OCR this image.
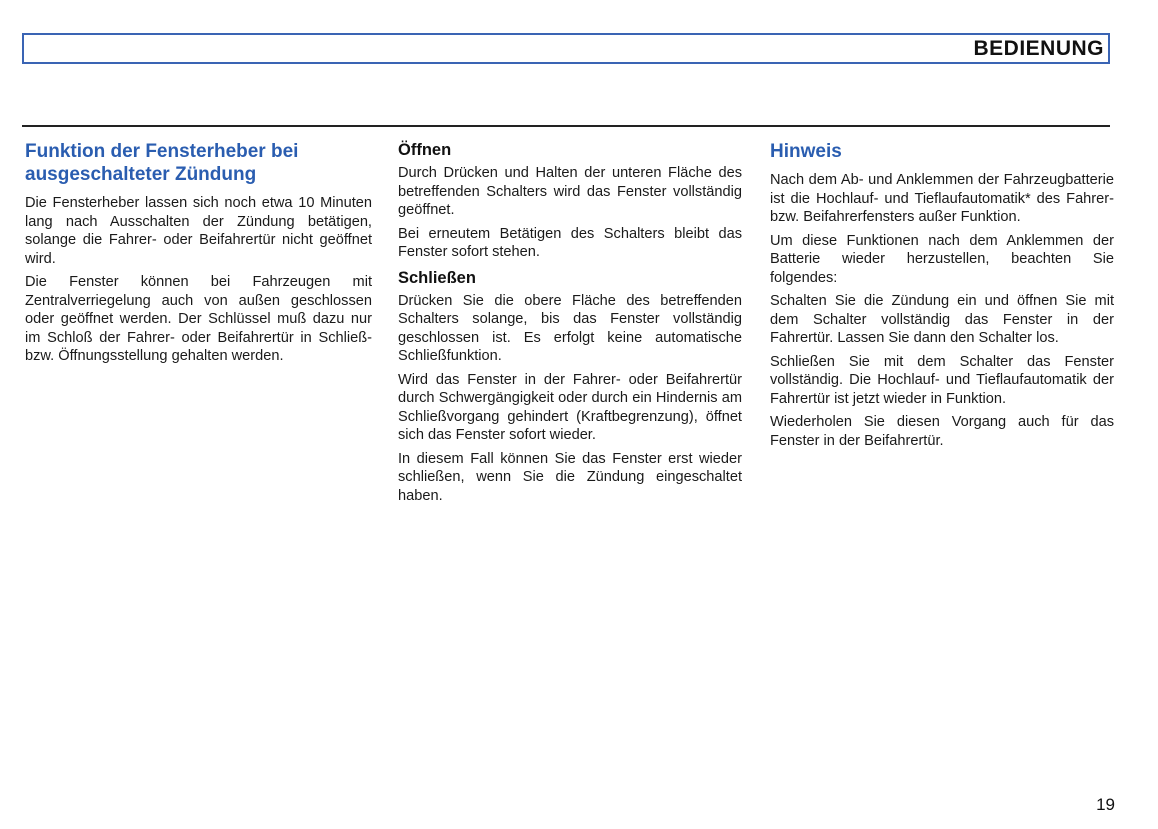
BEDIENUNG
Funktion der Fensterheber bei ausgeschalteter Zündung

Die Fensterheber lassen sich noch etwa 10 Minuten lang nach Ausschalten der Zündung betätigen, solange die Fahrer- oder Beifahrertür nicht geöffnet wird.

Die Fenster können bei Fahrzeugen mit Zentralverriegelung auch von außen geschlossen oder geöffnet werden. Der Schlüssel muß dazu nur im Schloß der Fahrer- oder Beifahrertür in Schließ- bzw. Öffnungsstellung gehalten werden.

Öffnen

Durch Drücken und Halten der unteren Fläche des betreffenden Schalters wird das Fenster vollständig geöffnet.

Bei erneutem Betätigen des Schalters bleibt das Fenster sofort stehen.

Schließen

Drücken Sie die obere Fläche des betreffenden Schalters solange, bis das Fenster vollständig geschlossen ist. Es erfolgt keine automatische Schließfunktion.

Wird das Fenster in der Fahrer- oder Beifahrertür durch Schwergängigkeit oder durch ein Hindernis am Schließvorgang gehindert (Kraftbegrenzung), öffnet sich das Fenster sofort wieder.

In diesem Fall können Sie das Fenster erst wieder schließen, wenn Sie die Zündung eingeschaltet haben.

Hinweis

Nach dem Ab- und Anklemmen der Fahrzeugbatterie ist die Hochlauf- und Tieflaufautomatik* des Fahrer- bzw. Beifahrerfensters außer Funktion.

Um diese Funktionen nach dem Anklemmen der Batterie wieder herzustellen, beachten Sie folgendes:

Schalten Sie die Zündung ein und öffnen Sie mit dem Schalter vollständig das Fenster in der Fahrertür. Lassen Sie dann den Schalter los.

Schließen Sie mit dem Schalter das Fenster vollständig. Die Hochlauf- und Tieflaufautomatik der Fahrertür ist jetzt wieder in Funktion.

Wiederholen Sie diesen Vorgang auch für das Fenster in der Beifahrertür.

19
